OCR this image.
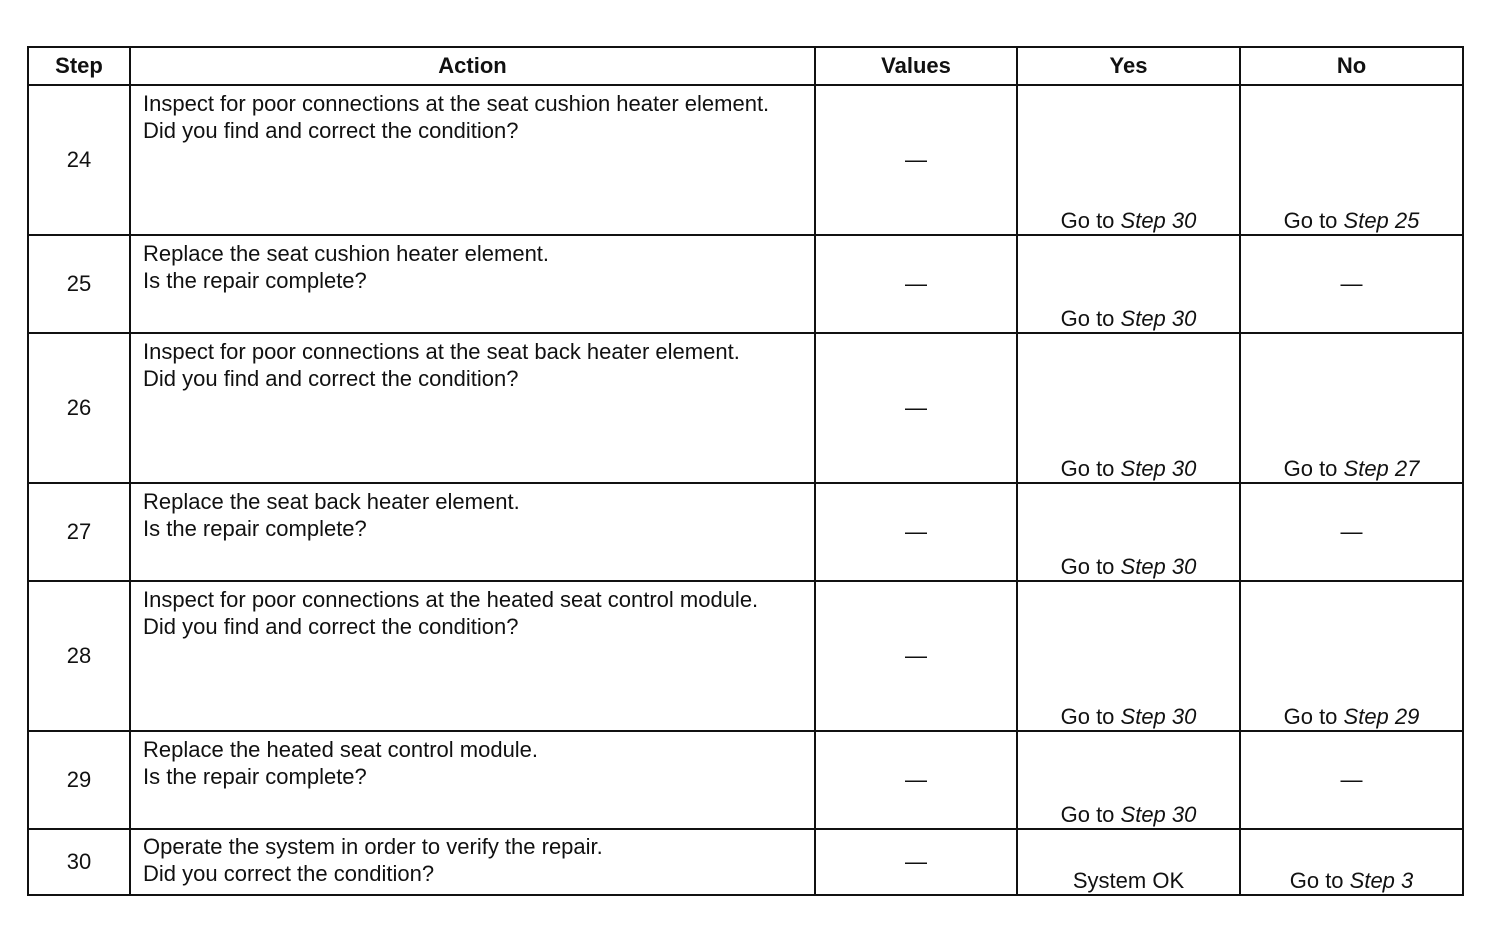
Step	Action	Values	Yes	No
24	Inspect for poor connections at the seat cushion heater element.
Did you find and correct the condition?	—	Go to Step 30	Go to Step 25
25	Replace the seat cushion heater element.
Is the repair complete?	—	Go to Step 30	—
26	Inspect for poor connections at the seat back heater element.
Did you find and correct the condition?	—	Go to Step 30	Go to Step 27
27	Replace the seat back heater element.
Is the repair complete?	—	Go to Step 30	—
28	Inspect for poor connections at the heated seat control module.
Did you find and correct the condition?	—	Go to Step 30	Go to Step 29
29	Replace the heated seat control module.
Is the repair complete?	—	Go to Step 30	—
30	Operate the system in order to verify the repair.
Did you correct the condition?	—	System OK	Go to Step 3
